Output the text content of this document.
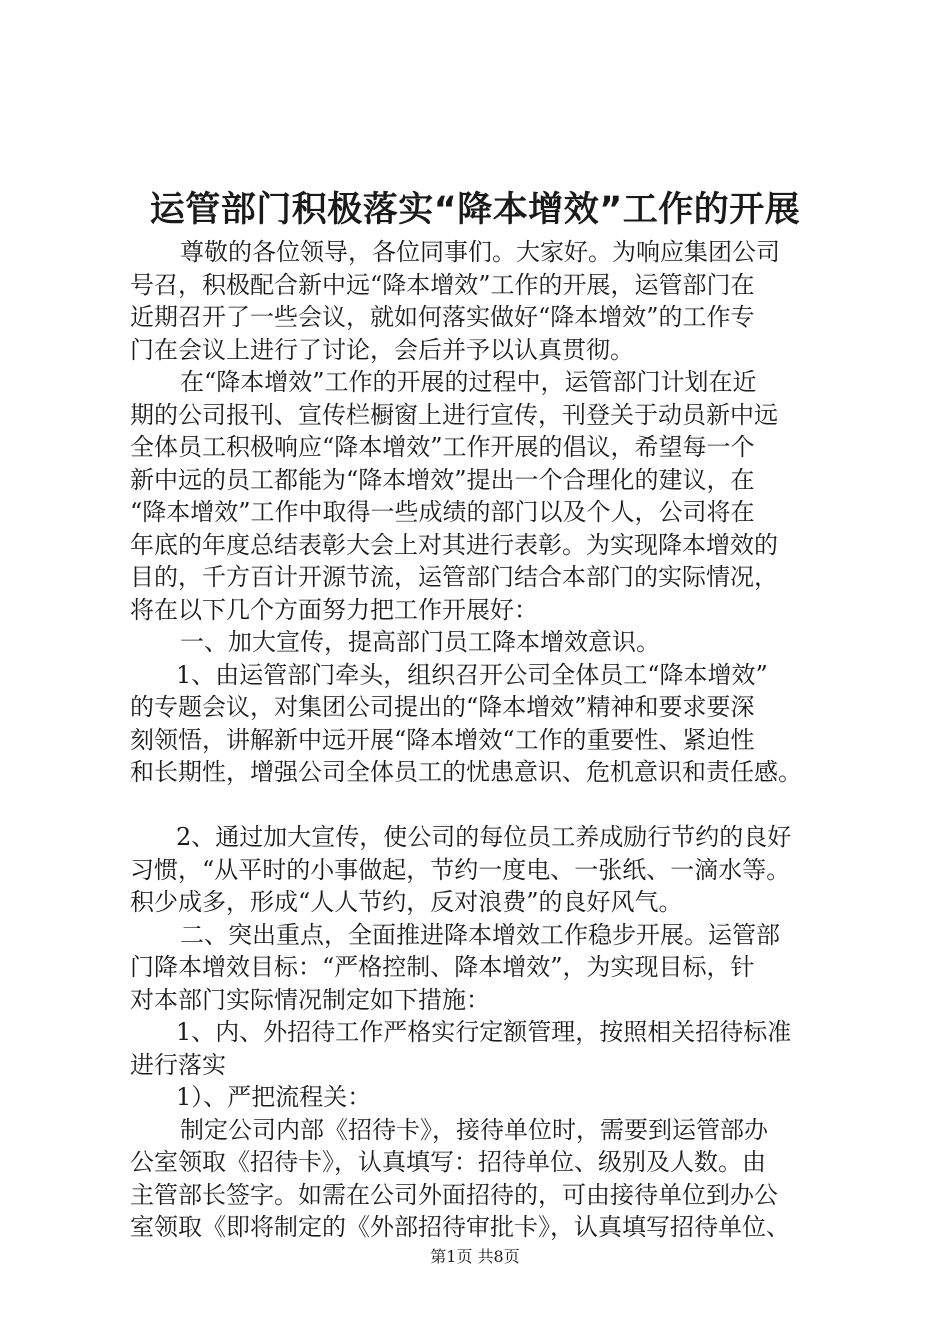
运管部门积极落实“降本增效”工作的开展
尊敬的各位领导，各位同事们。大家好。为响应集团公司
号召，积极配合新中远“降本增效”工作的开展，运管部门在
近期召开了一些会议，就如何落实做好“降本增效”的工作专
门在会议上进行了讨论，会后并予以认真贯彻。
在“降本增效”工作的开展的过程中，运管部门计划在近
期的公司报刊、宣传栏橱窗上进行宣传，刊登关于动员新中远
全体员工积极响应“降本增效”工作开展的倡议，希望每一个
新中远的员工都能为“降本增效”提出一个合理化的建议，在
“降本增效”工作中取得一些成绩的部门以及个人，公司将在
年底的年度总结表彰大会上对其进行表彰。为实现降本增效的
目的，千方百计开源节流，运管部门结合本部门的实际情况，
将在以下几个方面努力把工作开展好：
一、加大宣传，提高部门员工降本增效意识。
1、由运管部门牵头，组织召开公司全体员工“降本增效”
的专题会议，对集团公司提出的“降本增效”精神和要求要深
刻领悟，讲解新中远开展“降本增效“工作的重要性、紧迫性
和长期性，增强公司全体员工的忧患意识、危机意识和责任感。
2、通过加大宣传，使公司的每位员工养成励行节约的良好
习惯，“从平时的小事做起，节约一度电、一张纸、一滴水等。
积少成多，形成“人人节约，反对浪费”的良好风气。
二、突出重点，全面推进降本增效工作稳步开展。运管部
门降本增效目标：“严格控制、降本增效”，为实现目标，针
对本部门实际情况制定如下措施：
1、内、外招待工作严格实行定额管理，按照相关招待标准
进行落实
1）、严把流程关：
制定公司内部《招待卡》，接待单位时，需要到运管部办
公室领取《招待卡》，认真填写：招待单位、级别及人数。由
主管部长签字。如需在公司外面招待的，可由接待单位到办公
室领取《即将制定的《外部招待审批卡》，认真填写招待单位、
第1页 共8页
